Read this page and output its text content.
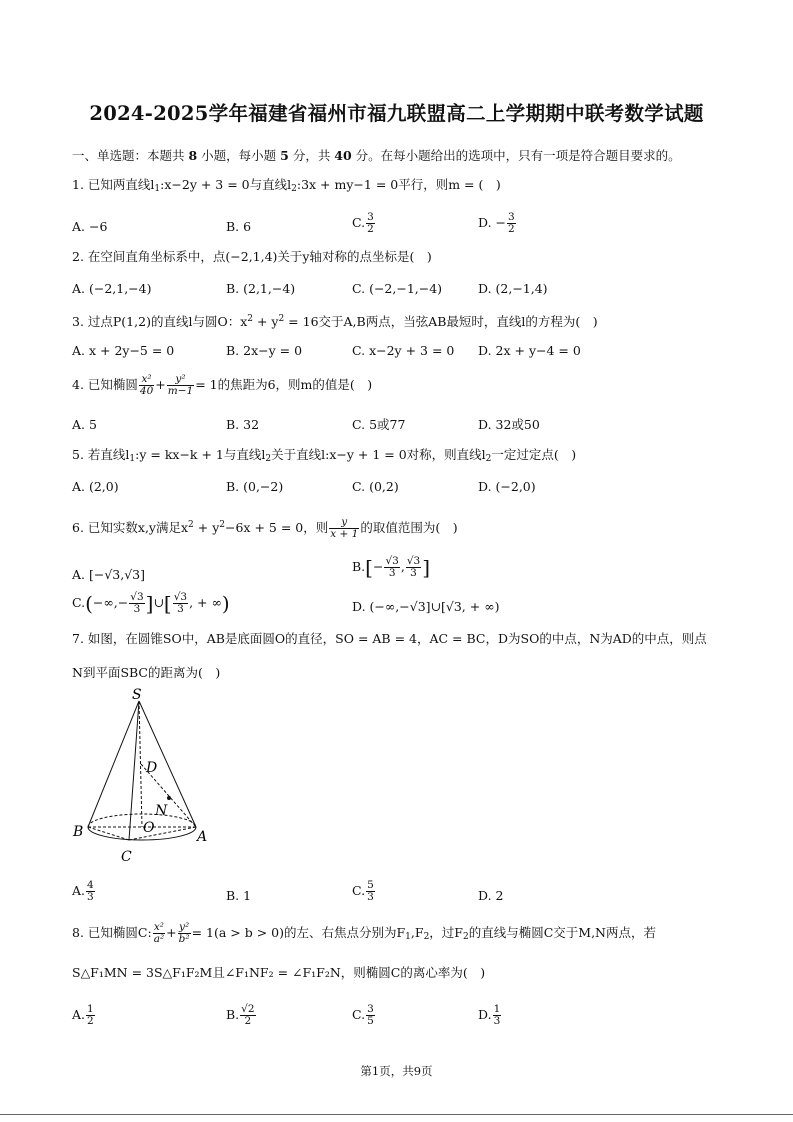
2024-2025学年福建省福州市福九联盟高二上学期期中联考数学试题
一、单选题：本题共 8 小题，每小题 5 分，共 40 分。在每小题给出的选项中，只有一项是符合题目要求的。
1. 已知两直线$l_1:x-2y + 3 = 0$与直线$l_2:3x + my-1 = 0$平行，则m = (　)
A. −6	B. 6	C. $\frac{3}{2}$	D. − $\frac{3}{2}$
2. 在空间直角坐标系中，点(−2,1,4)关于y轴对称的点坐标是(　)
A. (−2,1,−4)	B. (2,1,−4)	C. (−2,−1,−4)	D. (2,−1,4)
3. 过点P(1,2)的直线l与圆O：$x^2 + y^2 = 16$交于A,B两点，当弦AB最短时，直线l的方程为(　)
A. x + 2y−5 = 0	B. 2x−y = 0	C. x−2y + 3 = 0 D. 2x + y−4 = 0
4. 已知椭圆 $\frac{\text{x²}}{40} + \frac{\text{y²}}{m-1} = 1$的焦距为6，则m的值是(　)
A. 5	B. 32	C. 5或77	D. 32或50
5. 若直线$l_1:y = kx-k + 1$与直线$l_2$关于直线l:x−y + 1 = 0对称，则直线$l_2$一定过定点(　)
A. (2,0)	B. (0,−2)	C. (0,2)	D. (−2,0)
6. 已知实数x,y满足$x^2 + y^2-6x + 5 = 0$，则 $\frac{y}{x + 1}$ 的取值范围为(　)
A. [−√3,√3]
$B.[- \frac{√3}{3}$ , $\frac{√3}{3}$ ]
$C.(-\infty,- \frac{√3}{3}$ ]∪[ $\frac{√3}{3}$ , + ∞)	D. (−∞,−√3]∪[√3, + ∞)
7. 如图，在圆锥SO中，AB是底面圆O的直径，SO = AB = 4，AC = BC，D为SO的中点，N为AD的中点，则点
N到平面SBC的距离为(　)
S
D
N
O
B	A
C
A. $\frac{4}{3}$	B. 1	C. $\frac{5}{3}$	D. 2
8. 已知椭圆C: $\frac{\text{x²}}{\text{a²}} + \frac{\text{y²}}{\text{b²}} = 1(a > b > 0)$的左、右焦点分别为$F_1,F_2$，过$F_2$的直线与椭圆C交于M,N两点，若
S△F₁MN = 3S△F₁F₂M且∠F₁NF₂ = ∠F₁F₂N，则椭圆C的离心率为(　)
A. $\frac{1}{2}$	B. $\frac{√2}{2}$	C. $\frac{3}{5}$	D. $\frac{1}{3}$
第1页，共9页
